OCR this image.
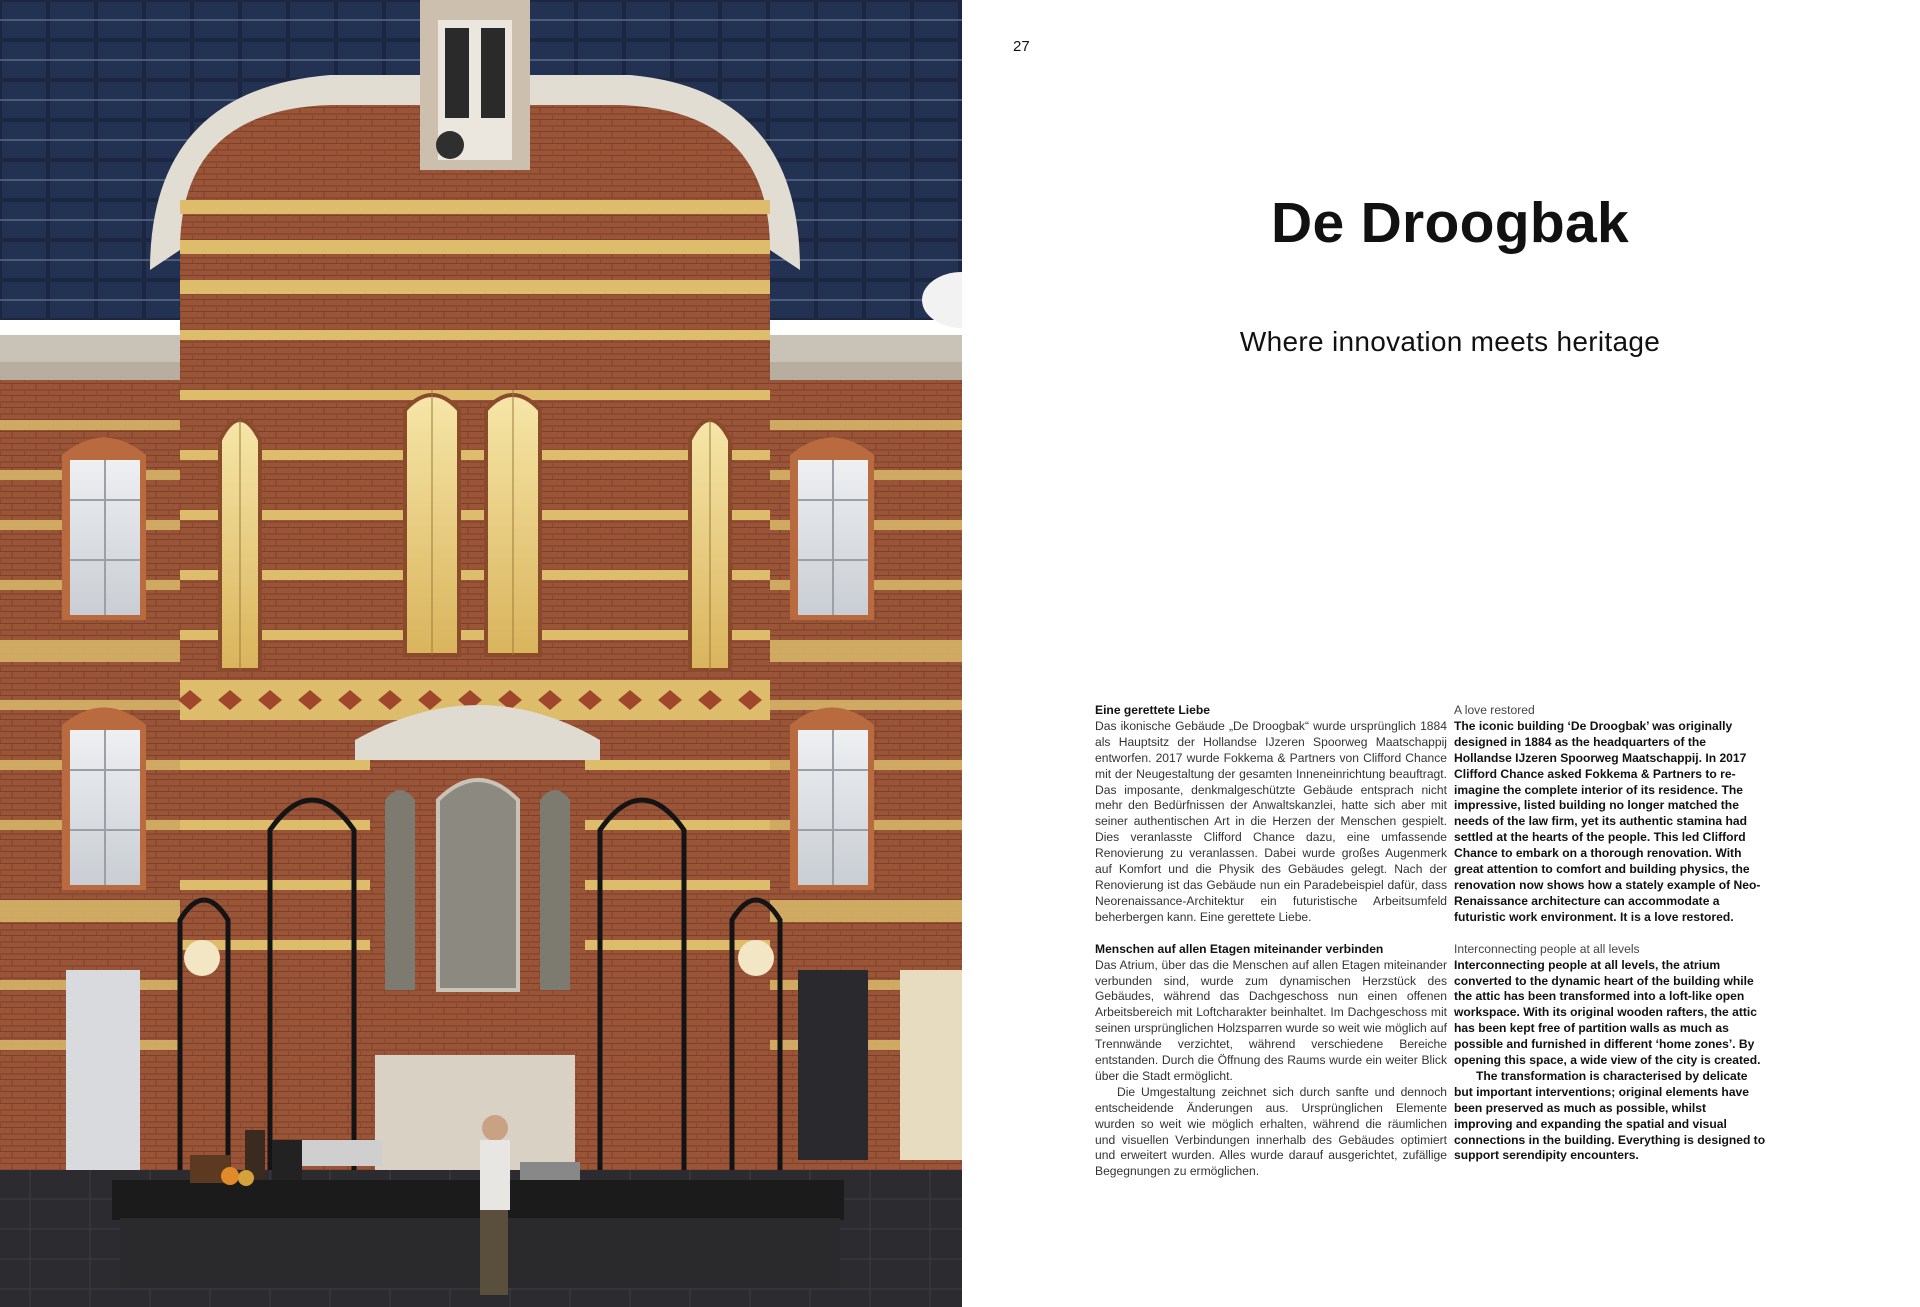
27
De Droogbak
Where innovation meets heritage
Eine gerettete Liebe

Das ikonische Gebäude „De Droogbak“ wurde ursprünglich 1884 als Hauptsitz der Hollandse IJzeren Spoorweg Maatschappij entworfen. 2017 wurde Fokkema & Partners von Clifford Chance mit der Neugestaltung der gesamten Inneneinrichtung beauftragt. Das imposante, denkmalgeschützte Gebäude entsprach nicht mehr den Bedürfnissen der Anwaltskanzlei, hatte sich aber mit seiner authentischen Art in die Herzen der Menschen gespielt. Dies veranlasste Clifford Chance dazu, eine umfassende Renovierung zu veranlassen. Dabei wurde großes Augenmerk auf Komfort und die Physik des Gebäudes gelegt. Nach der Renovierung ist das Gebäude nun ein Paradebeispiel dafür, dass Neorenaissance-Architektur ein futuristische Arbeitsumfeld beherbergen kann. Eine gerettete Liebe.

Menschen auf allen Etagen miteinander verbinden

Das Atrium, über das die Menschen auf allen Etagen miteinander verbunden sind, wurde zum dynamischen Herzstück des Gebäudes, während das Dachgeschoss nun einen offenen Arbeitsbereich mit Loftcharakter beinhaltet. Im Dachgeschoss mit seinen ursprünglichen Holzsparren wurde so weit wie möglich auf Trennwände verzichtet, während verschiedene Bereiche entstanden. Durch die Öffnung des Raums wurde ein weiter Blick über die Stadt ermöglicht.

Die Umgestaltung zeichnet sich durch sanfte und dennoch entscheidende Änderungen aus. Ursprünglichen Elemente wurden so weit wie möglich erhalten, während die räumlichen und visuellen Verbindungen innerhalb des Gebäudes optimiert und erweitert wurden. Alles wurde darauf ausgerichtet, zufällige Begegnungen zu ermöglichen.

A love restored

The iconic building ‘De Droogbak’ was originally designed in 1884 as the headquarters of the Hollandse IJzeren Spoorweg Maatschappij. In 2017 Clifford Chance asked Fokkema & Partners to re-imagine the complete interior of its residence. The impressive, listed building no longer matched the needs of the law firm, yet its authentic stamina had settled at the hearts of the people. This led Clifford Chance to embark on a thorough renovation. With great attention to comfort and building physics, the renovation now shows how a stately example of Neo-Renaissance architecture can accommodate a futuristic work environment. It is a love restored.

Interconnecting people at all levels

Interconnecting people at all levels, the atrium converted to the dynamic heart of the building while the attic has been transformed into a loft-like open workspace. With its original wooden rafters, the attic has been kept free of partition walls as much as possible and furnished in different ‘home zones’. By opening this space, a wide view of the city is created.

The transformation is characterised by delicate but important interventions; original elements have been preserved as much as possible, whilst improving and expanding the spatial and visual connections in the building. Everything is designed to support serendipity encounters.
